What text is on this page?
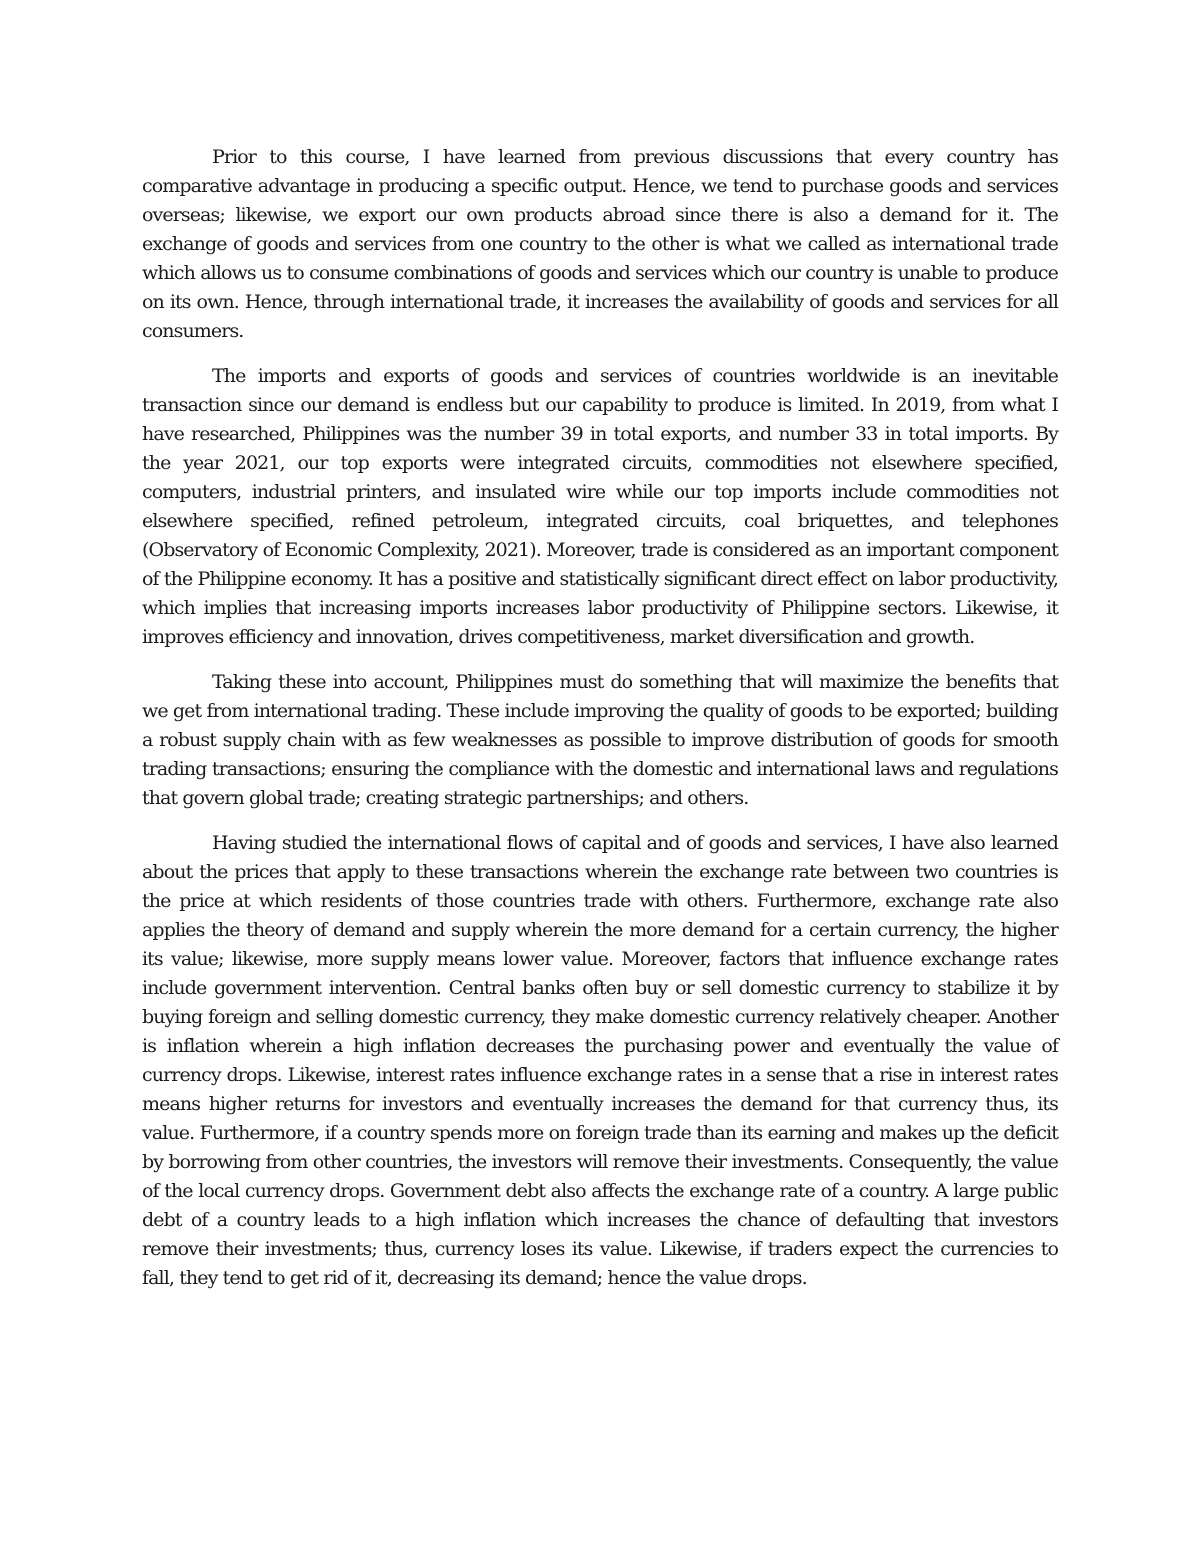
Prior to this course, I have learned from previous discussions that every country has comparative advantage in producing a specific output. Hence, we tend to purchase goods and services overseas; likewise, we export our own products abroad since there is also a demand for it. The exchange of goods and services from one country to the other is what we called as international trade which allows us to consume combinations of goods and services which our country is unable to produce on its own. Hence, through international trade, it increases the availability of goods and services for all consumers.

The imports and exports of goods and services of countries worldwide is an inevitable transaction since our demand is endless but our capability to produce is limited. In 2019, from what I have researched, Philippines was the number 39 in total exports, and number 33 in total imports. By the year 2021, our top exports were integrated circuits, commodities not elsewhere specified, computers, industrial printers, and insulated wire while our top imports include commodities not elsewhere specified, refined petroleum, integrated circuits, coal briquettes, and telephones (Observatory of Economic Complexity, 2021). Moreover, trade is considered as an important component of the Philippine economy. It has a positive and statistically significant direct effect on labor productivity, which implies that increasing imports increases labor productivity of Philippine sectors. Likewise, it improves efficiency and innovation, drives competitiveness, market diversification and growth.

Taking these into account, Philippines must do something that will maximize the benefits that we get from international trading. These include improving the quality of goods to be exported; building a robust supply chain with as few weaknesses as possible to improve distribution of goods for smooth trading transactions; ensuring the compliance with the domestic and international laws and regulations that govern global trade; creating strategic partnerships; and others.

Having studied the international flows of capital and of goods and services, I have also learned about the prices that apply to these transactions wherein the exchange rate between two countries is the price at which residents of those countries trade with others. Furthermore, exchange rate also applies the theory of demand and supply wherein the more demand for a certain currency, the higher its value; likewise, more supply means lower value. Moreover, factors that influence exchange rates include government intervention. Central banks often buy or sell domestic currency to stabilize it by buying foreign and selling domestic currency, they make domestic currency relatively cheaper. Another is inflation wherein a high inflation decreases the purchasing power and eventually the value of currency drops. Likewise, interest rates influence exchange rates in a sense that a rise in interest rates means higher returns for investors and eventually increases the demand for that currency thus, its value. Furthermore, if a country spends more on foreign trade than its earning and makes up the deficit by borrowing from other countries, the investors will remove their investments. Consequently, the value of the local currency drops. Government debt also affects the exchange rate of a country. A large public debt of a country leads to a high inflation which increases the chance of defaulting that investors remove their investments; thus, currency loses its value. Likewise, if traders expect the currencies to fall, they tend to get rid of it, decreasing its demand; hence the value drops.
